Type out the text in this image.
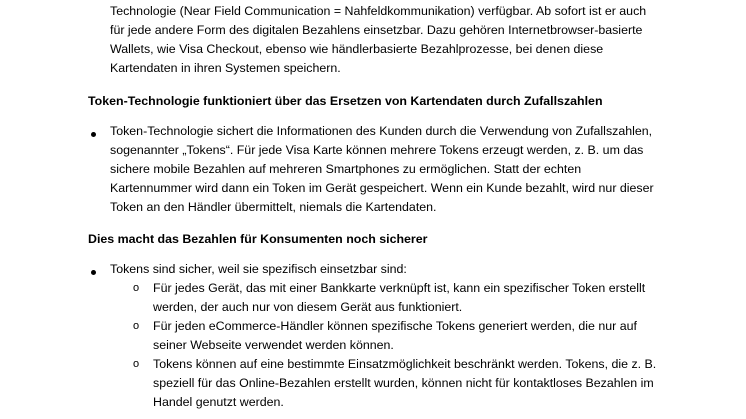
Technologie (Near Field Communication = Nahfeldkommunikation) verfügbar. Ab sofort ist er auch
für jede andere Form des digitalen Bezahlens einsetzbar. Dazu gehören Internetbrowser-basierte
Wallets, wie Visa Checkout, ebenso wie händlerbasierte Bezahlprozesse, bei denen diese
Kartendaten in ihren Systemen speichern.
Token-Technologie funktioniert über das Ersetzen von Kartendaten durch Zufallszahlen
Token-Technologie sichert die Informationen des Kunden durch die Verwendung von Zufallszahlen,
sogenannter „Tokens“. Für jede Visa Karte können mehrere Tokens erzeugt werden, z. B. um das
sichere mobile Bezahlen auf mehreren Smartphones zu ermöglichen. Statt der echten
Kartennummer wird dann ein Token im Gerät gespeichert. Wenn ein Kunde bezahlt, wird nur dieser
Token an den Händler übermittelt, niemals die Kartendaten.
Dies macht das Bezahlen für Konsumenten noch sicherer
Tokens sind sicher, weil sie spezifisch einsetzbar sind:
o Für jedes Gerät, das mit einer Bankkarte verknüpft ist, kann ein spezifischer Token erstellt
werden, der auch nur von diesem Gerät aus funktioniert.
o Für jeden eCommerce-Händler können spezifische Tokens generiert werden, die nur auf
seiner Webseite verwendet werden können.
o Tokens können auf eine bestimmte Einsatzmöglichkeit beschränkt werden. Tokens, die z. B.
speziell für das Online-Bezahlen erstellt wurden, können nicht für kontaktloses Bezahlen im
Handel genutzt werden.
